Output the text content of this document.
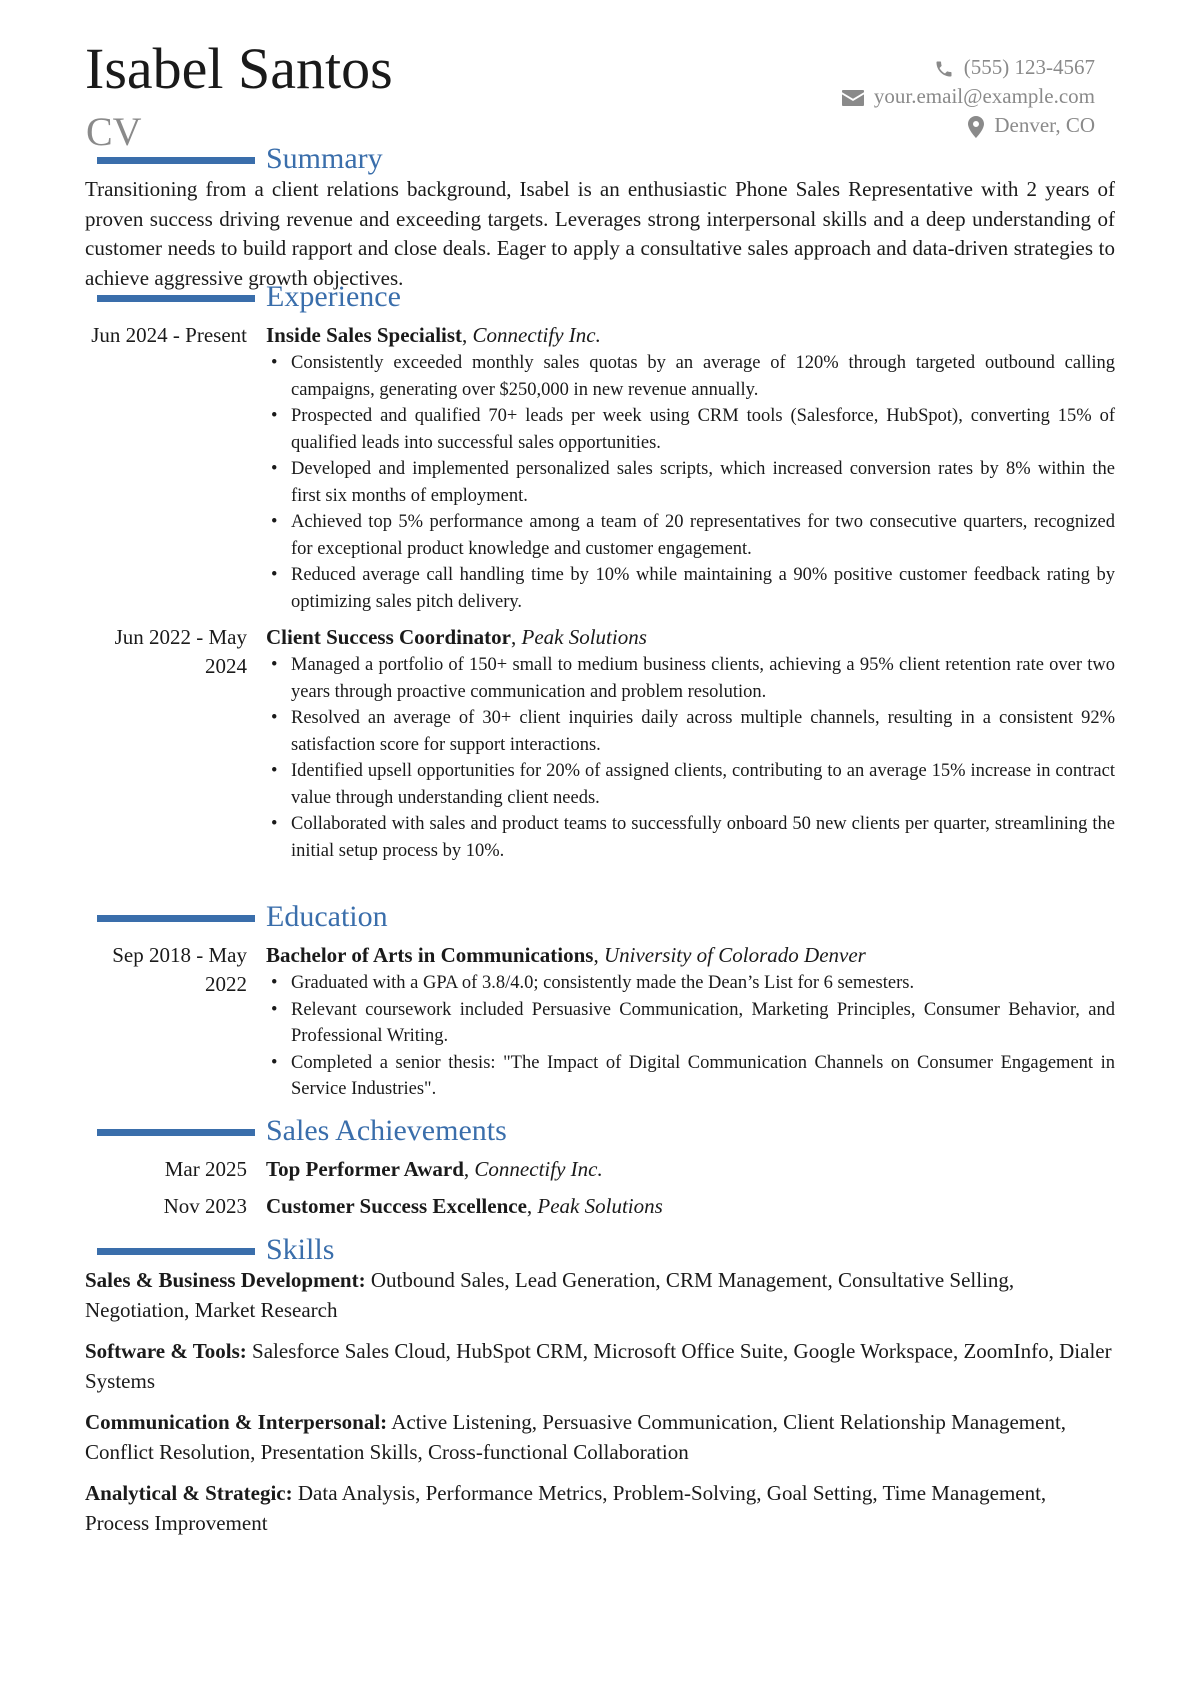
Isabel Santos
CV
(555) 123-4567
your.email@example.com
Denver, CO
Summary

Transitioning from a client relations background, Isabel is an enthusiastic Phone Sales Representative with 2 years of proven success driving revenue and exceeding targets. Leverages strong interpersonal skills and a deep understanding of customer needs to build rapport and close deals. Eager to apply a consultative sales approach and data-driven strategies to achieve aggressive growth objectives.

Experience
Jun 2024 - Present Inside Sales Specialist, Connectify Inc.
• Consistently exceeded monthly sales quotas by an average of 120% through targeted outbound calling campaigns, generating over $250,000 in new revenue annually.
• Prospected and qualified 70+ leads per week using CRM tools (Salesforce, HubSpot), converting 15% of qualified leads into successful sales opportunities.
• Developed and implemented personalized sales scripts, which increased conversion rates by 8% within the first six months of employment.
• Achieved top 5% performance among a team of 20 representatives for two consecutive quarters, recognized for exceptional product knowledge and customer engagement.
• Reduced average call handling time by 10% while maintaining a 90% positive customer feedback rating by optimizing sales pitch delivery.
Jun 2022 - May 2024
Client Success Coordinator, Peak Solutions
• Managed a portfolio of 150+ small to medium business clients, achieving a 95% client retention rate over two years through proactive communication and problem resolution.
• Resolved an average of 30+ client inquiries daily across multiple channels, resulting in a consistent 92% satisfaction score for support interactions.
• Identified upsell opportunities for 20% of assigned clients, contributing to an average 15% increase in contract value through understanding client needs.
• Collaborated with sales and product teams to successfully onboard 50 new clients per quarter, streamlining the initial setup process by 10%.
Education
Sep 2018 - May 2022
Bachelor of Arts in Communications, University of Colorado Denver
• Graduated with a GPA of 3.8/4.0; consistently made the Dean’s List for 6 semesters.
• Relevant coursework included Persuasive Communication, Marketing Principles, Consumer Behavior, and Professional Writing.
• Completed a senior thesis: "The Impact of Digital Communication Channels on Consumer Engagement in Service Industries".
Sales Achievements
Mar 2025 Top Performer Award, Connectify Inc.
Nov 2023 Customer Success Excellence, Peak Solutions
Skills

Sales & Business Development: Outbound Sales, Lead Generation, CRM Management, Consultative Selling, Negotiation, Market Research

Software & Tools: Salesforce Sales Cloud, HubSpot CRM, Microsoft Office Suite, Google Workspace, ZoomInfo, Dialer Systems

Communication & Interpersonal: Active Listening, Persuasive Communication, Client Relationship Management, Conflict Resolution, Presentation Skills, Cross-functional Collaboration

Analytical & Strategic: Data Analysis, Performance Metrics, Problem-Solving, Goal Setting, Time Management, Process Improvement
